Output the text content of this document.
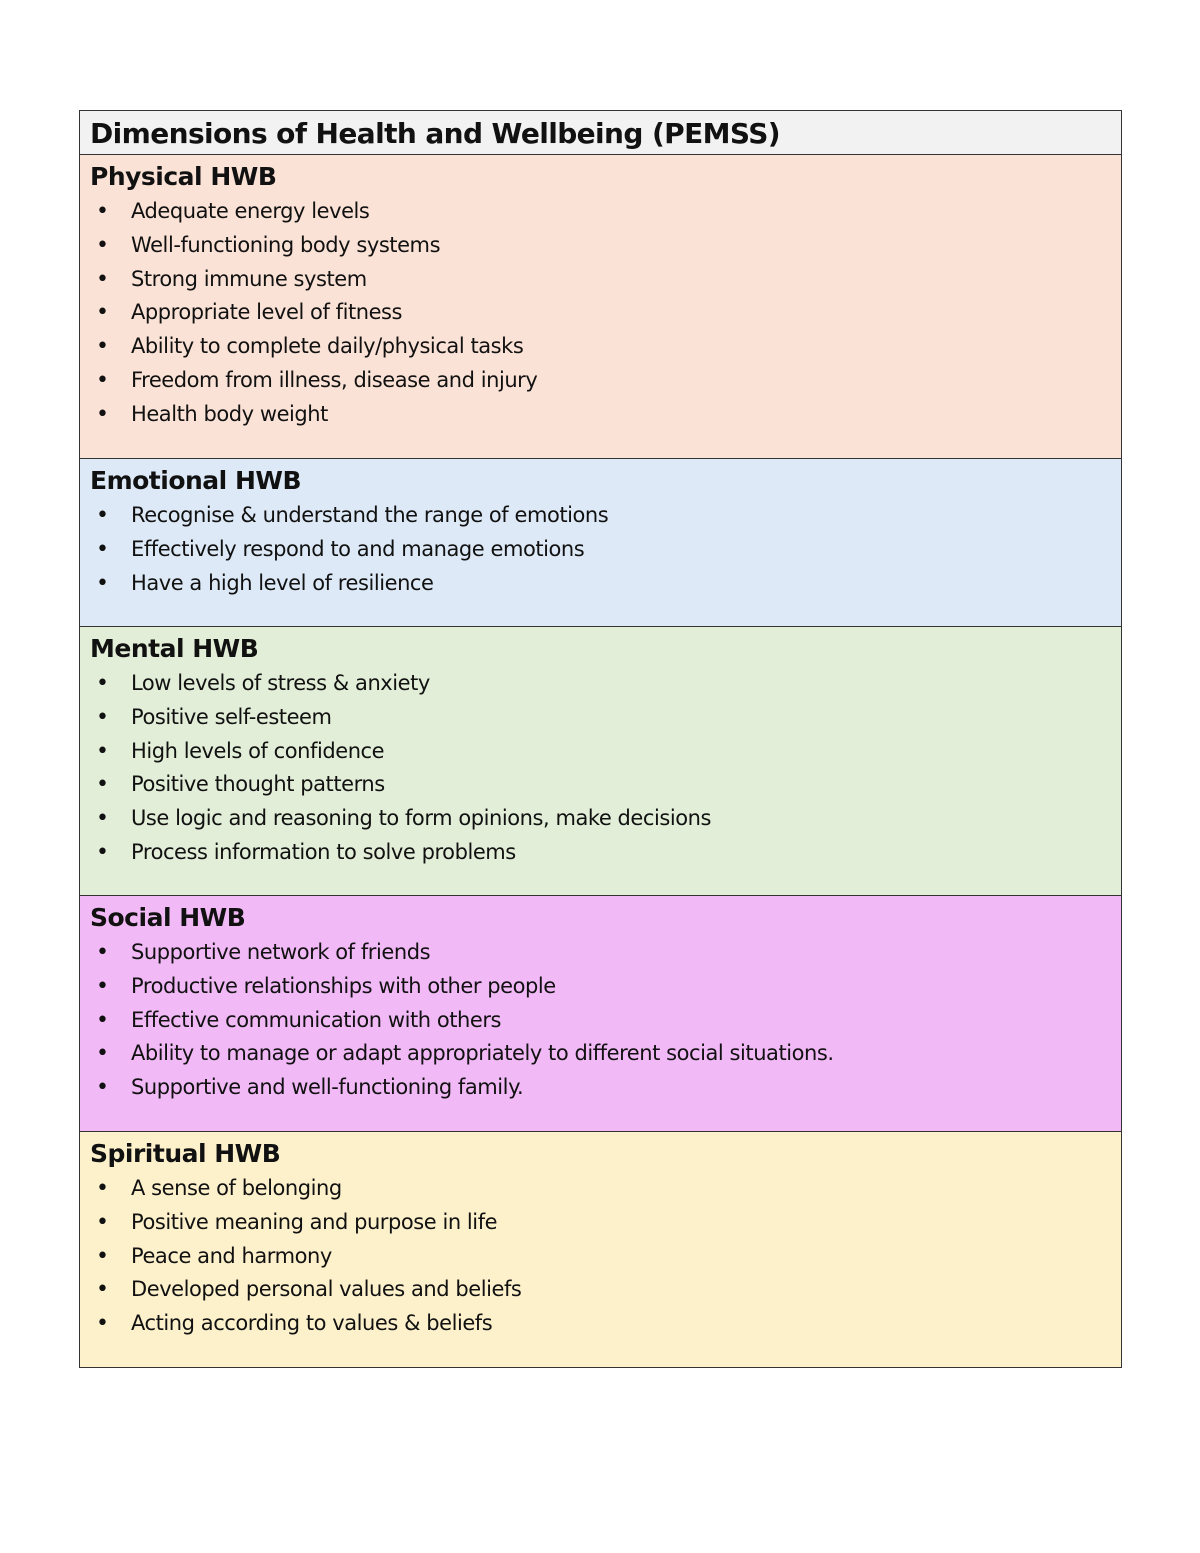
Dimensions of Health and Wellbeing (PEMSS)
Physical HWB
• Adequate energy levels
• Well-functioning body systems
• Strong immune system
• Appropriate level of fitness
• Ability to complete daily/physical tasks
• Freedom from illness, disease and injury
• Health body weight
Emotional HWB
• Recognise & understand the range of emotions
• Effectively respond to and manage emotions
• Have a high level of resilience
Mental HWB
• Low levels of stress & anxiety
• Positive self-esteem
• High levels of confidence
• Positive thought patterns
• Use logic and reasoning to form opinions, make decisions
• Process information to solve problems
Social HWB
• Supportive network of friends
• Productive relationships with other people
• Effective communication with others
• Ability to manage or adapt appropriately to different social situations.
• Supportive and well-functioning family.
Spiritual HWB
• A sense of belonging
• Positive meaning and purpose in life
• Peace and harmony
• Developed personal values and beliefs
• Acting according to values & beliefs
